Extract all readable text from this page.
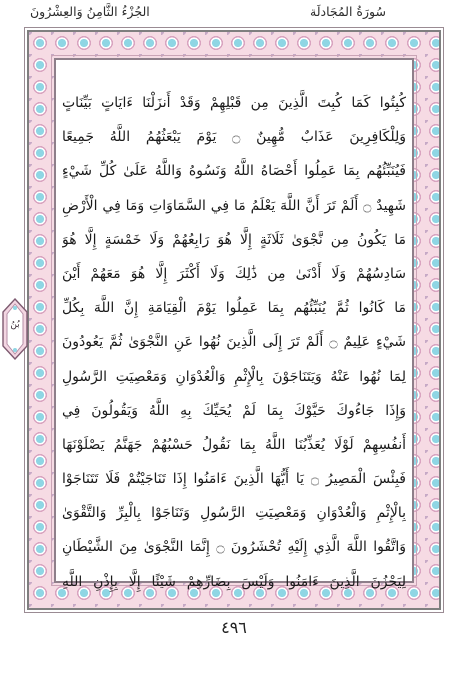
الجُزْءُ الثَّامِنُ وَالعِشْرُونَ	سُورَةُ المُجَادلَة
كُبِتُوا كَمَا كُبِتَ الَّذِينَ مِن قَبْلِهِمْ وَقَدْ أَنزَلْنَا ءَايَاتٍ بَيِّنَاتٍ
وَلِلْكَافِرِينَ عَذَابٌ مُّهِينٌ ۝ يَوْمَ يَبْعَثُهُمُ اللَّهُ جَمِيعًا
فَيُنَبِّئُهُم بِمَا عَمِلُوا أَحْصَاهُ اللَّهُ وَنَسُوهُ وَاللَّهُ عَلَىٰ كُلِّ شَيْءٍ
شَهِيدٌ ۝ أَلَمْ تَرَ أَنَّ اللَّهَ يَعْلَمُ مَا فِي السَّمَاوَاتِ وَمَا فِي الْأَرْضِ
مَا يَكُونُ مِن نَّجْوَىٰ ثَلَاثَةٍ إِلَّا هُوَ رَابِعُهُمْ وَلَا خَمْسَةٍ إِلَّا هُوَ
سَادِسُهُمْ وَلَا أَدْنَىٰ مِن ذَٰلِكَ وَلَا أَكْثَرَ إِلَّا هُوَ مَعَهُمْ أَيْنَ
مَا كَانُوا ثُمَّ يُنَبِّئُهُم بِمَا عَمِلُوا يَوْمَ الْقِيَامَةِ إِنَّ اللَّهَ بِكُلِّ
شَيْءٍ عَلِيمٌ ۝ أَلَمْ تَرَ إِلَى الَّذِينَ نُهُوا عَنِ النَّجْوَىٰ ثُمَّ يَعُودُونَ
لِمَا نُهُوا عَنْهُ وَيَتَنَاجَوْنَ بِالْإِثْمِ وَالْعُدْوَانِ وَمَعْصِيَتِ الرَّسُولِ
وَإِذَا جَاءُوكَ حَيَّوْكَ بِمَا لَمْ يُحَيِّكَ بِهِ اللَّهُ وَيَقُولُونَ فِي
أَنفُسِهِمْ لَوْلَا يُعَذِّبُنَا اللَّهُ بِمَا نَقُولُ حَسْبُهُمْ جَهَنَّمُ يَصْلَوْنَهَا
فَبِئْسَ الْمَصِيرُ ۝ يَا أَيُّهَا الَّذِينَ ءَامَنُوا إِذَا تَنَاجَيْتُمْ فَلَا تَتَنَاجَوْا
بِالْإِثْمِ وَالْعُدْوَانِ وَمَعْصِيَتِ الرَّسُولِ وَتَنَاجَوْا بِالْبِرِّ وَالتَّقْوَىٰ
وَاتَّقُوا اللَّهَ الَّذِي إِلَيْهِ تُحْشَرُونَ ۝ إِنَّمَا النَّجْوَىٰ مِنَ الشَّيْطَانِ
لِيَحْزُنَ الَّذِينَ ءَامَنُوا وَلَيْسَ بِضَارِّهِمْ شَيْئًا إِلَّا بِإِذْنِ اللَّهِ
بُنُ
٤٩٦
